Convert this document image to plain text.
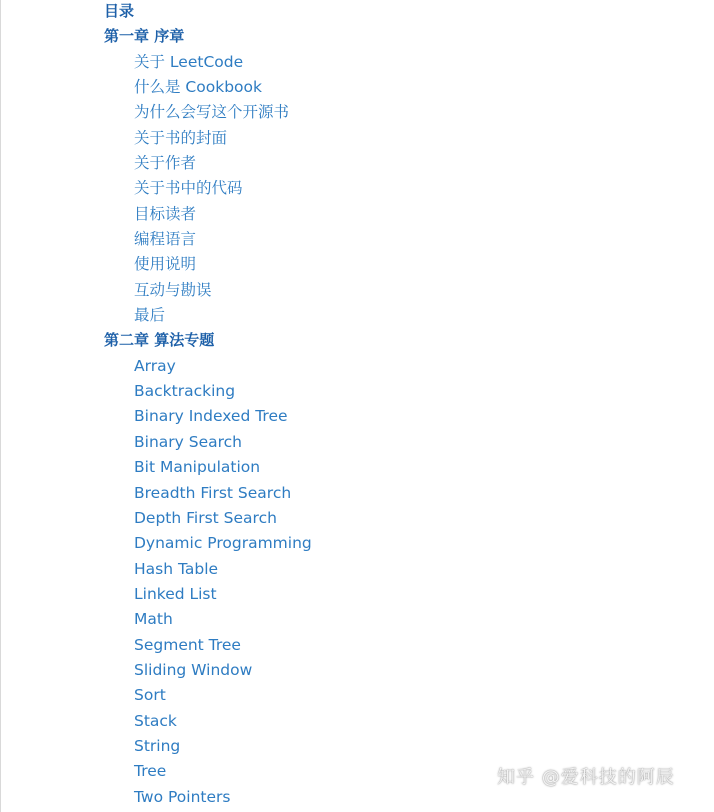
目录
第一章 序章
关于 LeetCode
什么是 Cookbook
为什么会写这个开源书
关于书的封面
关于作者
关于书中的代码
目标读者
编程语言
使用说明
互动与勘误
最后
第二章 算法专题
Array
Backtracking
Binary Indexed Tree
Binary Search
Bit Manipulation
Breadth First Search
Depth First Search
Dynamic Programming
Hash Table
Linked List
Math
Segment Tree
Sliding Window
Sort
Stack
String
Tree
Two Pointers
知乎 @爱科技的阿辰
